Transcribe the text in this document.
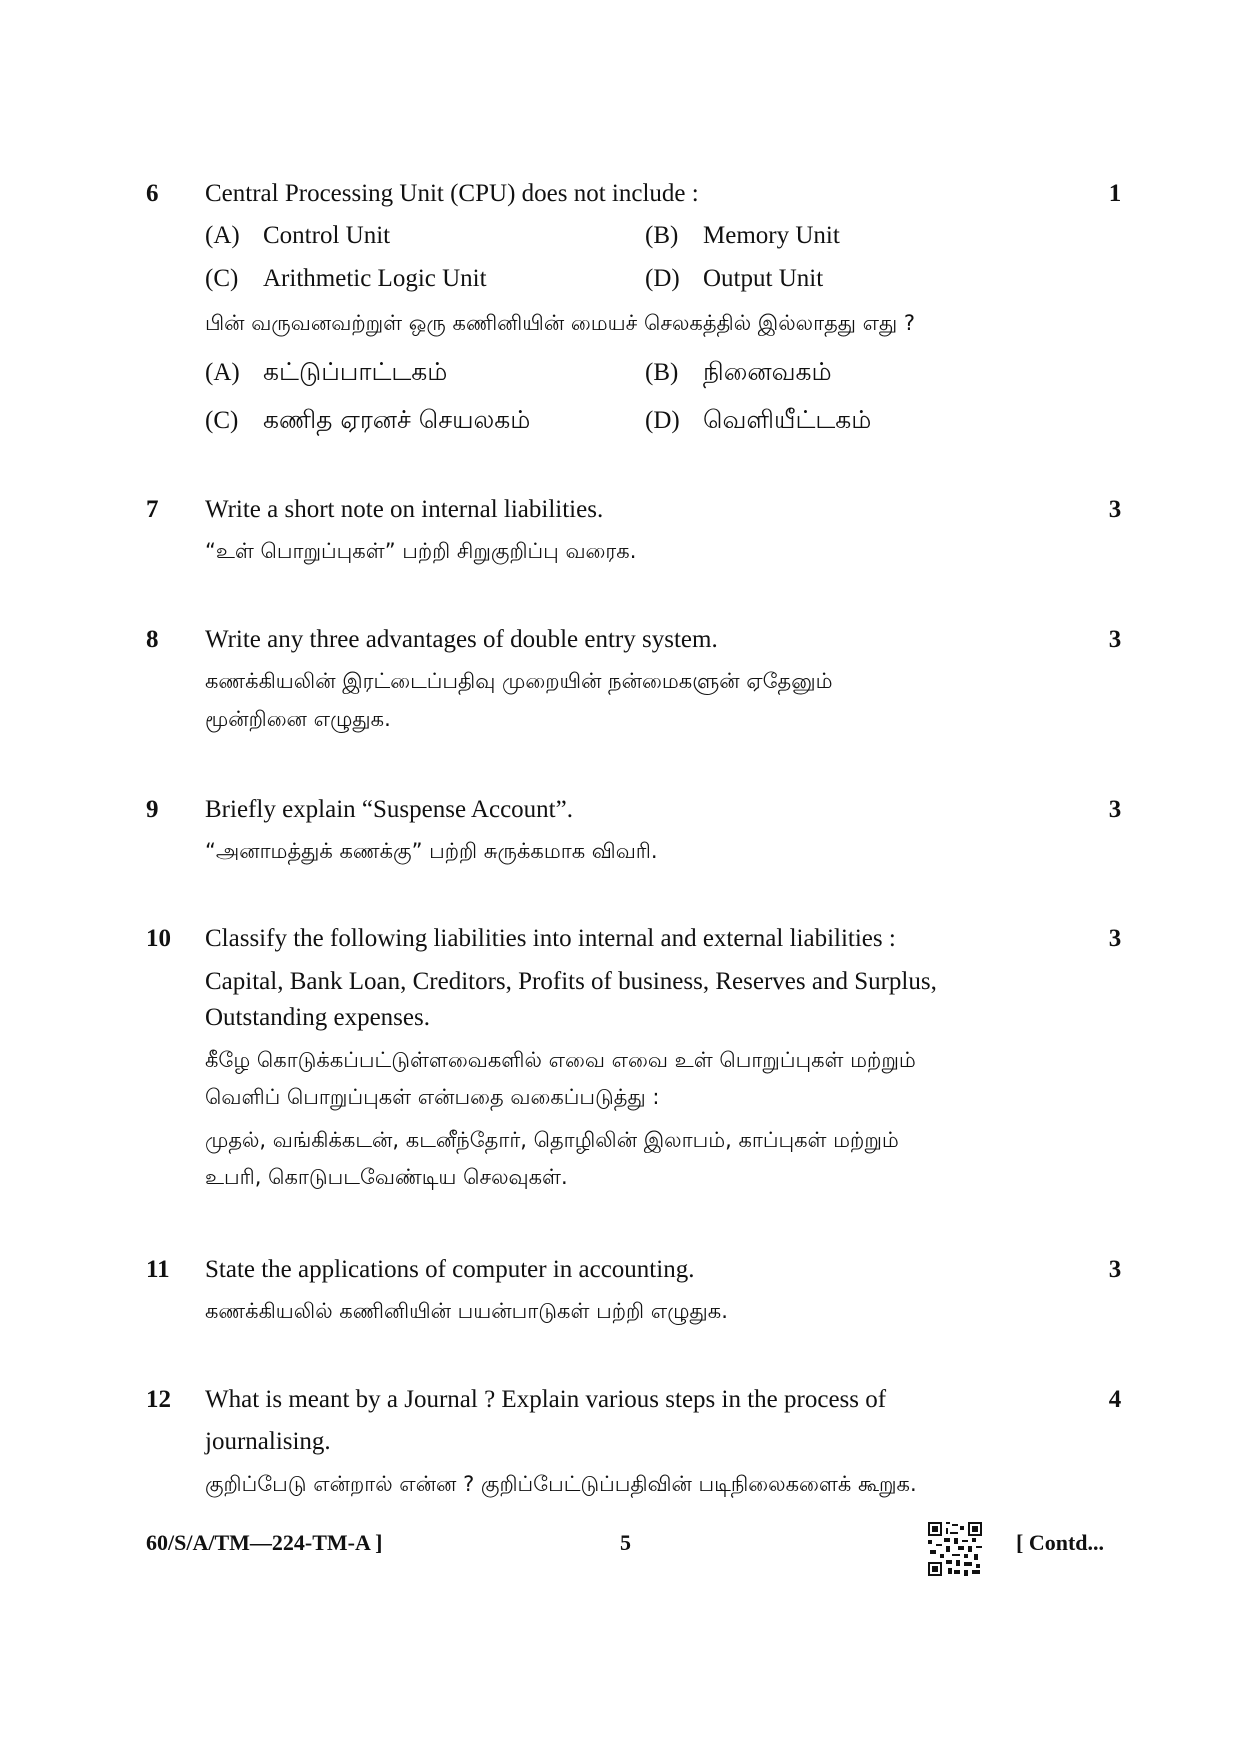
6 Central Processing Unit (CPU) does not include :	1
(A) Control Unit	(B) Memory Unit
(C) Arithmetic Logic Unit	(D) Output Unit
பின் வருவனவற்றுள் ஒரு கணினியின் மையச் செலகத்தில் இல்லாதது எது ?
(A) கட்டுப்பாட்டகம்	(B) நினைவகம்
(C) கணித ஏரனச் செயலகம்	(D) வெளியீட்டகம்
7 Write a short note on internal liabilities.	3
“உள் பொறுப்புகள்” பற்றி சிறுகுறிப்பு வரைக.
8 Write any three advantages of double entry system.	3
கணக்கியலின் இரட்டைப்பதிவு முறையின் நன்மைகளுன் ஏதேனும்
மூன்றினை எழுதுக.
9 Briefly explain “Suspense Account”.	3
“அனாமத்துக் கணக்கு” பற்றி சுருக்கமாக விவரி.
10 Classify the following liabilities into internal and external liabilities :	3
Capital, Bank Loan, Creditors, Profits of business, Reserves and Surplus,
Outstanding expenses.
கீழே கொடுக்கப்பட்டுள்ளவைகளில் எவை எவை உள் பொறுப்புகள் மற்றும்
வெளிப் பொறுப்புகள் என்பதை வகைப்படுத்து :
முதல், வங்கிக்கடன், கடனீந்தோர், தொழிலின் இலாபம், காப்புகள் மற்றும்
உபரி, கொடுபடவேண்டிய செலவுகள்.
11 State the applications of computer in accounting.	3
கணக்கியலில் கணினியின் பயன்பாடுகள் பற்றி எழுதுக.
12 What is meant by a Journal ? Explain various steps in the process of	4
journalising.
குறிப்பேடு என்றால் என்ன ? குறிப்பேட்டுப்பதிவின் படிநிலைகளைக் கூறுக.
60/S/A/TM—224-TM-A ]	5	[ Contd...
